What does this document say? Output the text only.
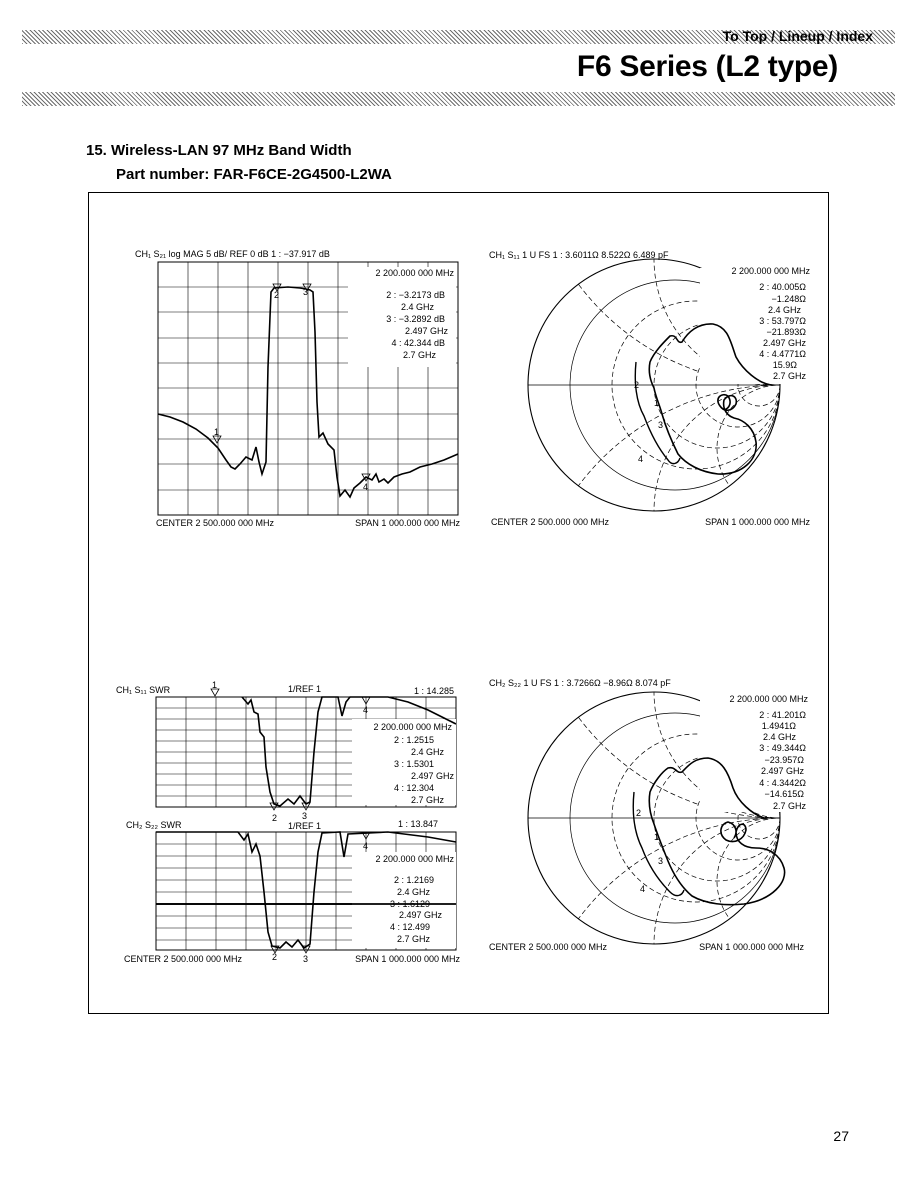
To Top / Lineup / Index
F6 Series (L2 type)

15. Wireless-LAN 97 MHz Band Width

Part number: FAR-F6CE-2G4500-L2WA

CH₁ S₂₁ log MAG 5 dB/ REF 0 dB 1 : −37.917 dB
2 200.000 000 MHz
2 : −3.2173 dB
2.4 GHz
3 : −3.2892 dB
2.497 GHz
4 : 42.344 dB
2.7 GHz
1
2	3
4
CENTER 2 500.000 000 MHz	SPAN 1 000.000 000 MHz
CH₁ S₁₁ 1 U FS 1 : 3.6011Ω 8.522Ω 6.489 pF
2 200.000 000 MHz
2 : 40.005Ω
−1.248Ω
2.4 GHz
3 : 53.797Ω
−21.893Ω
2.497 GHz
4 : 4.4771Ω
15.9Ω
2.7 GHz
1
2
3
4
CENTER 2 500.000 000 MHz	SPAN 1 000.000 000 MHz
CH₁ S₁₁ SWR	1/REF 1	1 : 14.285
2 200.000 000 MHz
2 : 1.2515
2.4 GHz
3 : 1.5301
2.497 GHz
4 : 12.304
2.7 GHz
1
2	3
4
CH₂ S₂₂ SWR	1/REF 1	1 : 13.847
2 200.000 000 MHz
2 : 1.2169
2.4 GHz
3 : 1.6129
2.497 GHz
4 : 12.499
2.7 GHz
2	3
4
CENTER 2 500.000 000 MHz	SPAN 1 000.000 000 MHz
CH₂ S₂₂ 1 U FS 1 : 3.7266Ω −8.96Ω 8.074 pF
2 200.000 000 MHz
2 : 41.201Ω
1.4941Ω
2.4 GHz
3 : 49.344Ω
−23.957Ω
2.497 GHz
4 : 4.3442Ω
−14.615Ω
2.7 GHz
1
2
3
4
CENTER 2 500.000 000 MHz	SPAN 1 000.000 000 MHz
27
